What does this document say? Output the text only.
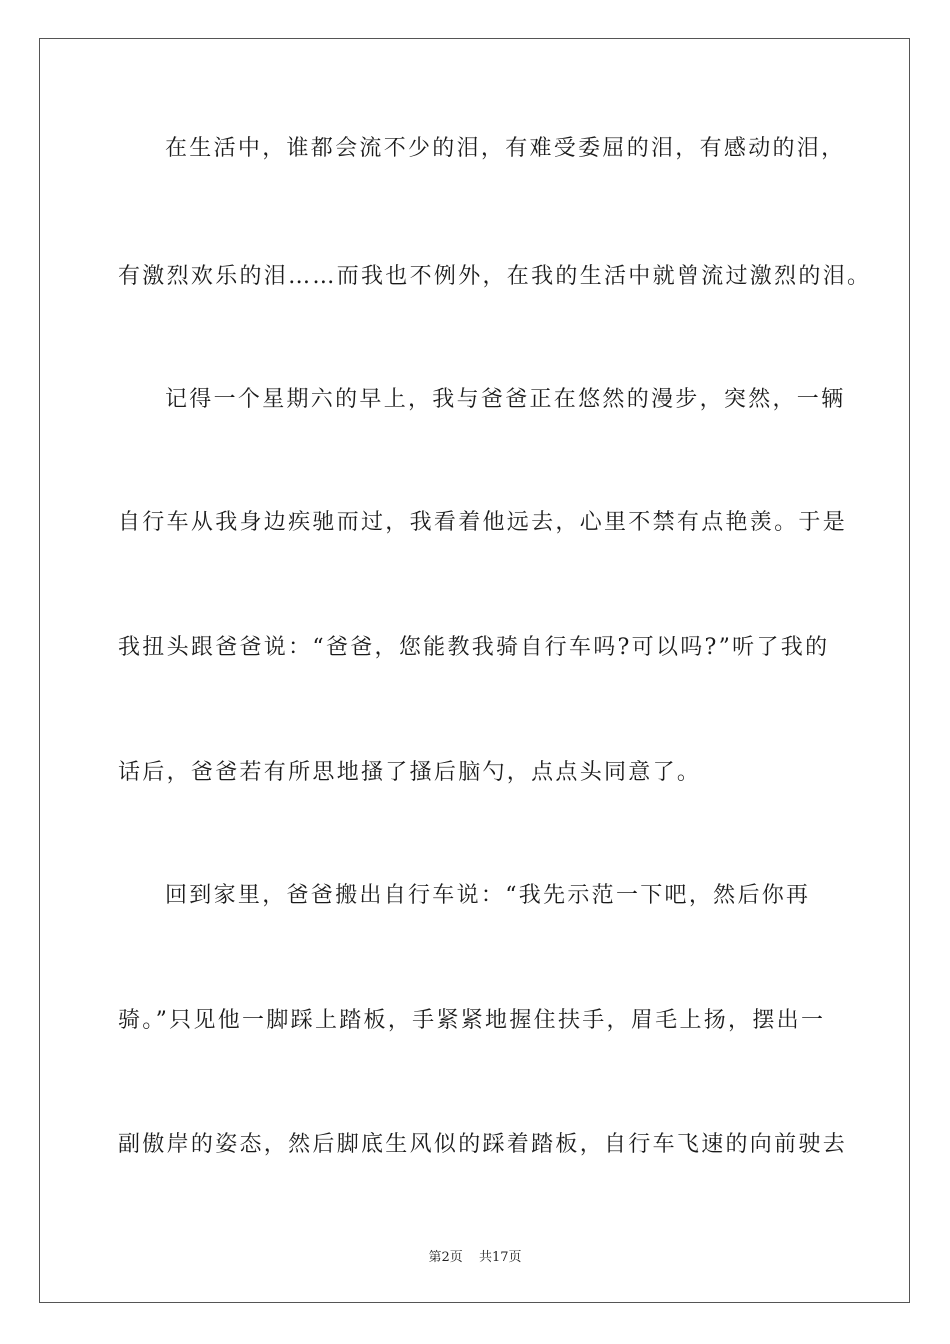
在生活中，谁都会流不少的泪，有难受委屈的泪，有感动的泪，
有激烈欢乐的泪……而我也不例外，在我的生活中就曾流过激烈的泪。
记得一个星期六的早上，我与爸爸正在悠然的漫步，突然，一辆
自行车从我身边疾驰而过，我看着他远去，心里不禁有点艳羡。于是
我扭头跟爸爸说：“爸爸，您能教我骑自行车吗?可以吗?”听了我的
话后，爸爸若有所思地搔了搔后脑勺，点点头同意了。
回到家里，爸爸搬出自行车说：“我先示范一下吧，然后你再
骑。”只见他一脚踩上踏板，手紧紧地握住扶手，眉毛上扬，摆出一
副傲岸的姿态，然后脚底生风似的踩着踏板，自行车飞速的向前驶去
第2页 共17页
